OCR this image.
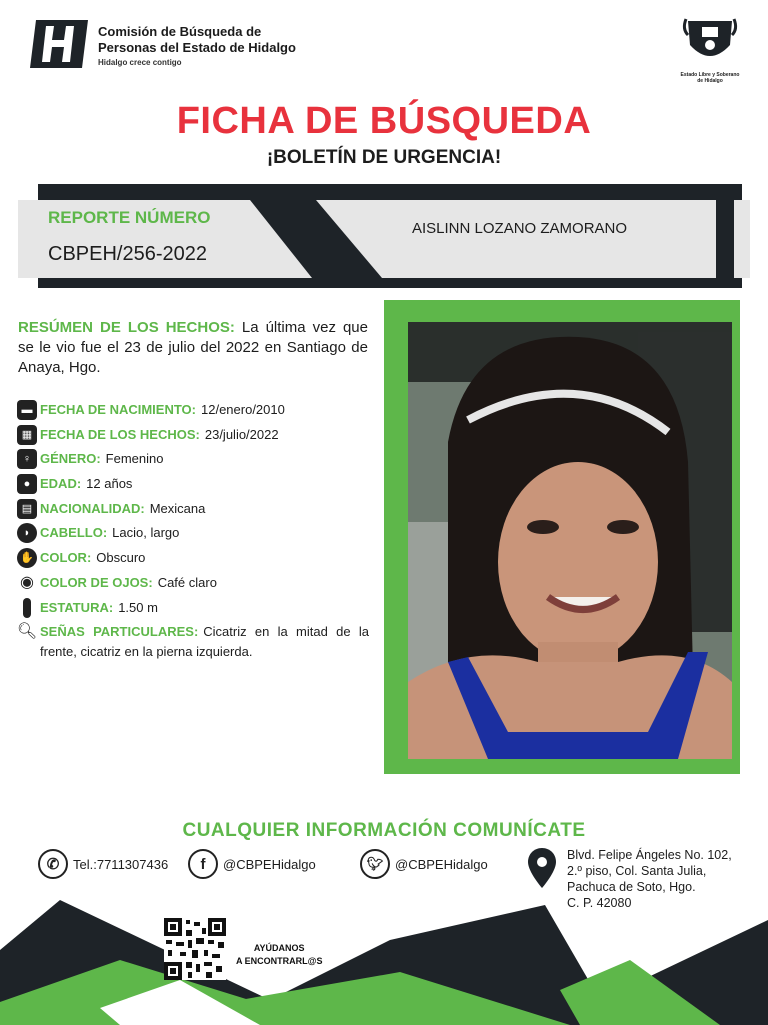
Comisión de Búsqueda de
Personas del Estado de Hidalgo
Hidalgo crece contigo
Estado Libre y Soberano
de Hidalgo
FICHA DE BÚSQUEDA
¡BOLETÍN DE URGENCIA!
REPORTE NÚMERO
CBPEH/256-2022
AISLINN LOZANO ZAMORANO
RESÚMEN DE LOS HECHOS: La última vez que se le vio fue el 23 de julio del 2022 en Santiago de Anaya, Hgo.
▬ FECHA DE NACIMIENTO: 12/enero/2010
▦ FECHA DE LOS HECHOS: 23/julio/2022
♀ GÉNERO: Femenino
● EDAD: 12 años
▤ NACIONALIDAD: Mexicana
◗ CABELLO: Lacio, largo
✋ COLOR: Obscuro
◉ COLOR DE OJOS: Café claro
ESTATURA: 1.50 m
🔍︎ SEÑAS PARTICULARES: Cicatriz en la mitad de la frente, cicatriz en la pierna izquierda.
CUALQUIER INFORMACIÓN COMUNÍCATE
✆	Tel.:7711307436	f	@CBPEHidalgo	🐦︎ @CBPEHidalgo
Blvd. Felipe Ángeles No. 102,
2.º piso, Col. Santa Julia,
Pachuca de Soto, Hgo.
C. P. 42080
AYÚDANOS
A ENCONTRARL@S
